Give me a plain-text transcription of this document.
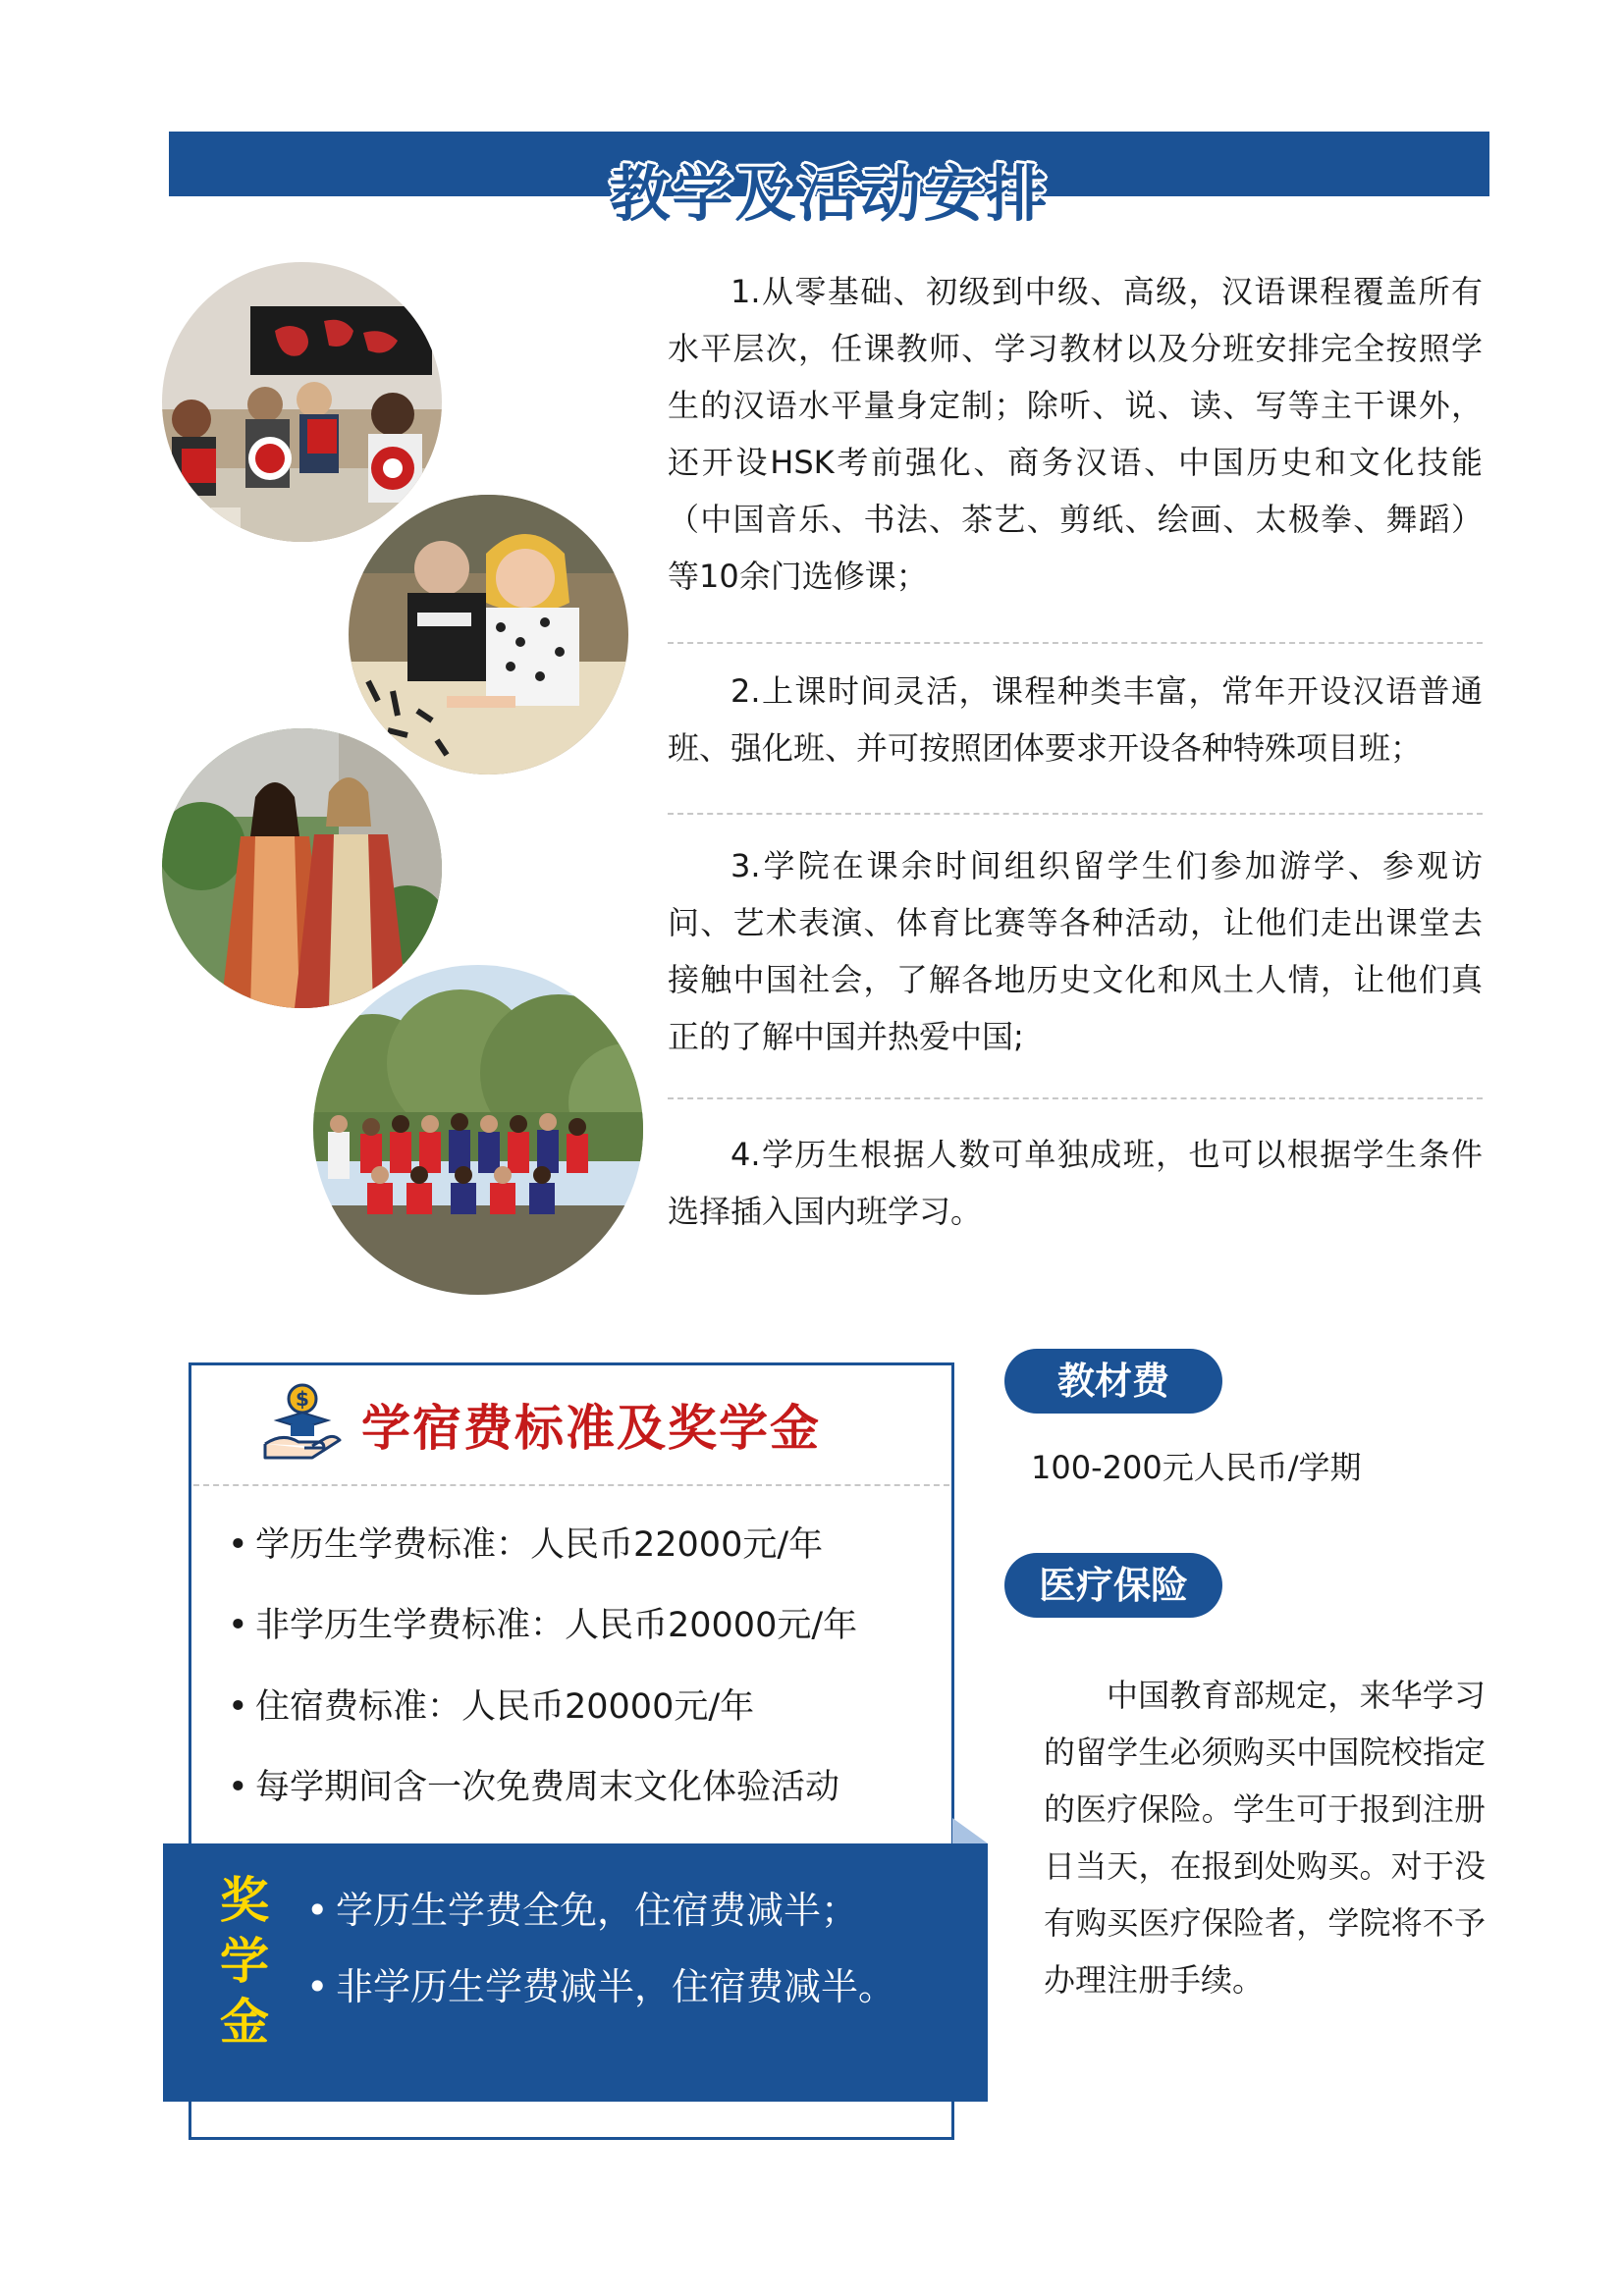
教学及活动安排
1.从零基础、初级到中级、高级，汉语课程覆盖所有水平层次，任课教师、学习教材以及分班安排完全按照学生的汉语水平量身定制；除听、说、读、写等主干课外，还开设HSK考前强化、商务汉语、中国历史和文化技能（中国音乐、书法、茶艺、剪纸、绘画、太极拳、舞蹈）等10余门选修课；
2.上课时间灵活，课程种类丰富，常年开设汉语普通班、强化班、并可按照团体要求开设各种特殊项目班；
3.学院在课余时间组织留学生们参加游学、参观访问、艺术表演、体育比赛等各种活动，让他们走出课堂去接触中国社会，了解各地历史文化和风土人情，让他们真正的了解中国并热爱中国;
4.学历生根据人数可单独成班，也可以根据学生条件选择插入国内班学习。
$
学宿费标准及奖学金
• 学历生学费标准：人民币22000元/年
• 非学历生学费标准：人民币20000元/年
• 住宿费标准：人民币20000元/年
• 每学期间含一次免费周末文化体验活动
奖
学
金
• 学历生学费全免，住宿费减半；
• 非学历生学费减半，住宿费减半。
教材费
100-200元人民币/学期
医疗保险
中国教育部规定，来华学习的留学生必须购买中国院校指定的医疗保险。学生可于报到注册日当天，在报到处购买。对于没有购买医疗保险者，学院将不予办理注册手续。
